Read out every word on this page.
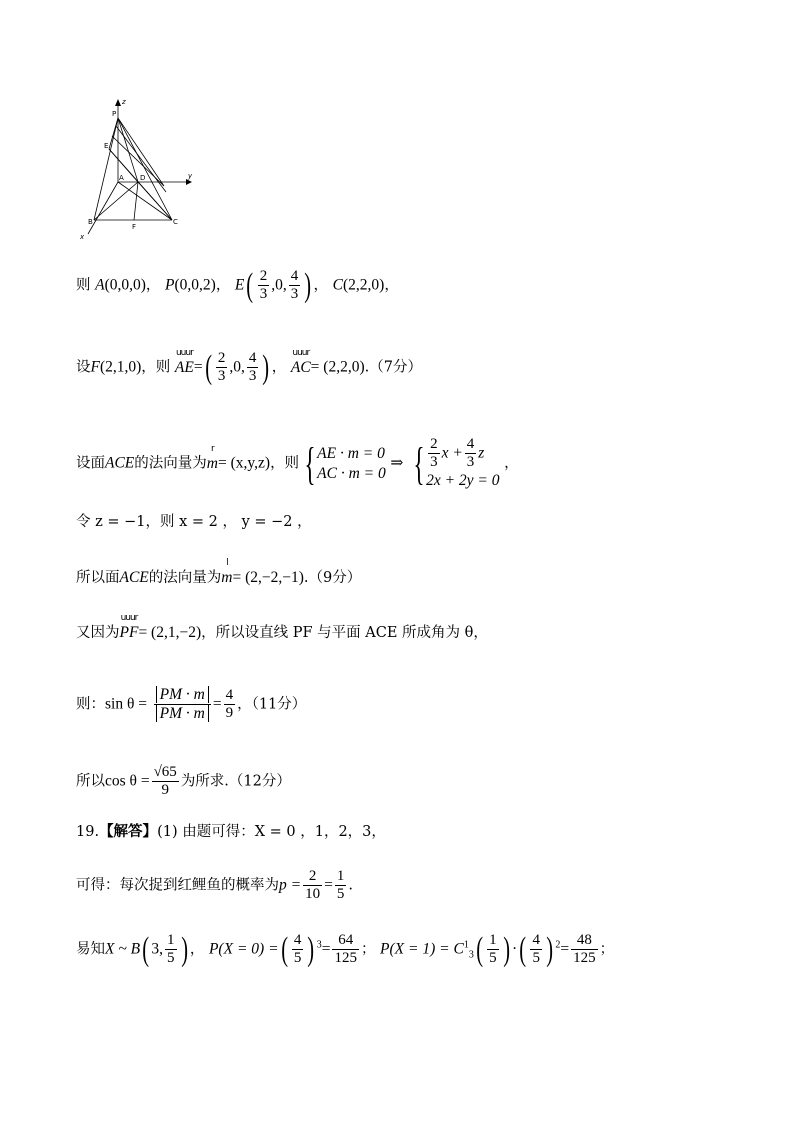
z
y
x
P
E
A D
B
F
C
则 A(0,0,0)， P(0,0,2)， $E( \frac{2}{3} ,0$, $\frac{4}{3}$ ) ， C(2,2,0)，
设F(2,1,0)，则
uuur
$AE=( \frac{2}{3} ,0$, $\frac{4}{3}$ ) ，
uuur
AC= (2,2,0).（7分）
设面ACE的法向量为
r
m= (x,y,z)，则 { AE · m = 0
AC · m = 0
⇒ { $\frac{2}{3}$ $x + \frac{4}{3}$ z
2x + 2y = 0
，
令 z = −1，则 x = 2 ， y = −2 ，
所以面ACE的法向量为
l
m= (2,−2,−1).（9分）
又因为
uuur
PF= (2,1,−2)，所以设直线 PF 与平面 ACE 所成角为 θ，
则：$\sin \theta = \frac{PM \cdot m}{PM \cdot m} = \frac{4}{9}$ ，（11分）
所以$\cos \theta = \frac{√65}{9}$ 为所求.（12分）
19.【解答】(1) 由题可得：X = 0 ，1，2，3，
可得：每次捉到红鲤鱼的概率为$p = \frac{2}{10} = \frac{1}{5}$ .
易知X ~ B( 3, $\frac{1}{5}$ ) ， P(X = 0) =( $\frac{4}{5}$ ) $^3= \frac{64}{125}$ ； $P(X = 1) = C^1_3( \frac{1}{5}$ ) ·( $\frac{4}{5}$ ) $^2= \frac{48}{125}$ ；
